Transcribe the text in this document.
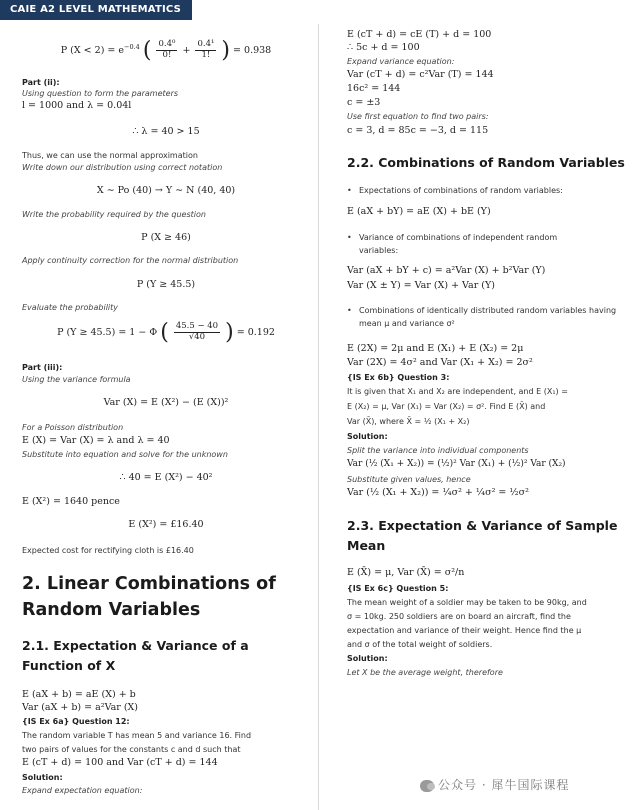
CAIE A2 LEVEL MATHEMATICS
P $(X < 2) = e^{-0.4}$ ( $\frac{\text{0.4⁰}}{0!} + \frac{\text{0.4¹}}{1!}$ ) = 0.938
Part (ii):
Using question to form the parameters
l = 1000 and λ = 0.04l
∴ λ = 40 > 15
Thus, we can use the normal approximation
Write down our distribution using correct notation
X ∼ Po (40) → Y ∼ N (40, 40)
Write the probability required by the question
P (X ≥ 46)
Apply continuity correction for the normal distribution
P (Y ≥ 45.5)
Evaluate the probability
P (Y ≥ 45.5) = 1 − Φ ( $\frac{45.5 - 40}{√40}$ ) = 0.192
Part (iii):
Using the variance formula
Var (X) = E (X²) − (E (X))²
For a Poisson distribution
E (X) = Var (X) = λ and λ = 40
Substitute into equation and solve for the unknown
∴ 40 = E (X²) − 40²
E (X²) = 1640 pence
E (X²) = £16.40
Expected cost for rectifying cloth is £16.40
2. Linear Combinations of
Random Variables
2.1. Expectation & Variance of a
Function of X
E (aX + b) = aE (X) + b
Var (aX + b) = a²Var (X)
{IS Ex 6a} Question 12:
The random variable T has mean 5 and variance 16. Find
two pairs of values for the constants c and d such that
E (cT + d) = 100 and Var (cT + d) = 144
Solution:
Expand expectation equation:
E (cT + d) = cE (T) + d = 100
∴ 5c + d = 100
Expand variance equation:
Var (cT + d) = c²Var (T) = 144
16c² = 144
c = ±3
Use first equation to find two pairs:
c = 3, d = 85c = −3, d = 115
2.2. Combinations of Random Variables
• Expectations of combinations of random variables:
E (aX + bY) = aE (X) + bE (Y)
• Variance of combinations of independent random variables:
Var (aX + bY + c) = a²Var (X) + b²Var (Y)
Var (X ± Y) = Var (X) + Var (Y)
• Combinations of identically distributed random variables having mean μ and variance σ²
E (2X) = 2μ and E (X₁) + E (X₂) = 2μ
Var (2X) = 4σ² and Var (X₁ + X₂) = 2σ²
{IS Ex 6b} Question 3:
It is given that X₁ and X₂ are independent, and E (X₁) =
E (X₂) = μ, Var (X₁) = Var (X₂) = σ². Find E (X̄) and
Var (X̄), where X̄ = ½ (X₁ + X₂)
Solution:
Split the variance into individual components
Var (½ (X₁ + X₂)) = (½)² Var (X₁) + (½)² Var (X₂)
Substitute given values, hence
Var (½ (X₁ + X₂)) = ¼σ² + ¼σ² = ½σ²
2.3. Expectation & Variance of Sample
Mean
E (X̄) = μ, Var (X̄) = σ²/n
{IS Ex 6c} Question 5:
The mean weight of a soldier may be taken to be 90kg, and
σ = 10kg. 250 soldiers are on board an aircraft, find the
expectation and variance of their weight. Hence find the μ
and σ of the total weight of soldiers.
Solution:
Let X be the average weight, therefore
公众号 · 犀牛国际课程
